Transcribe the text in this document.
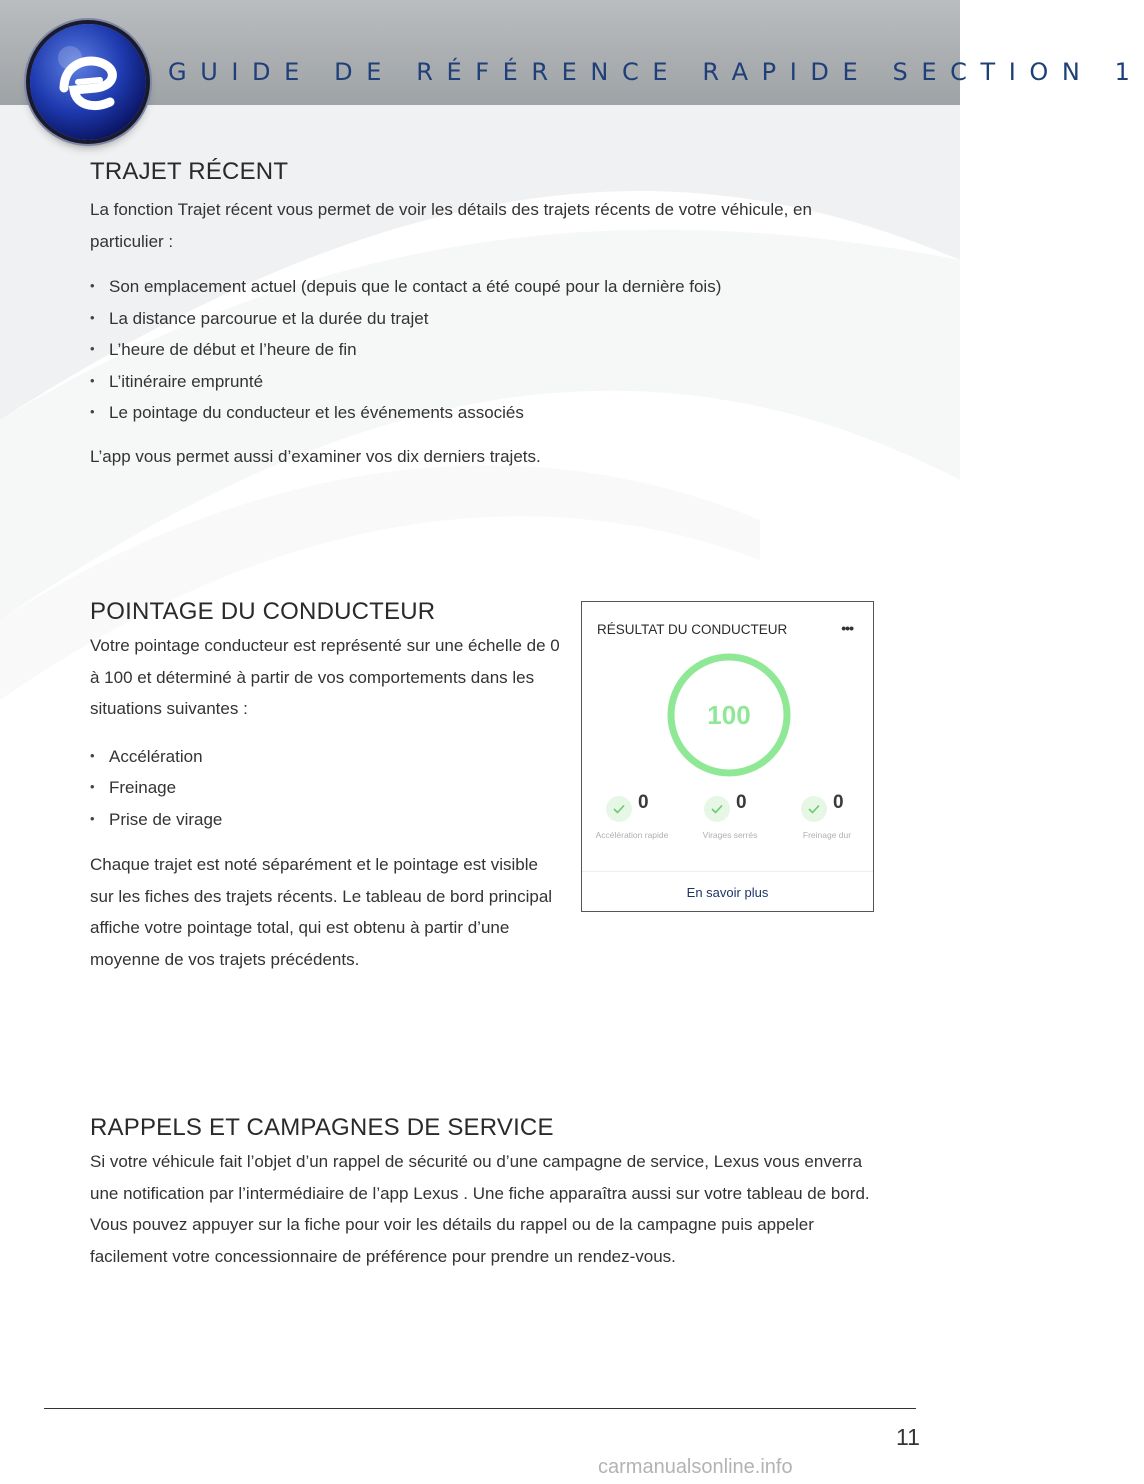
GUIDE DE RÉFÉRENCE RAPIDE SECTION 1
TRAJET RÉCENT

La fonction Trajet récent vous permet de voir les détails des trajets récents de votre véhicule, en particulier :

• Son emplacement actuel (depuis que le contact a été coupé pour la dernière fois)
• La distance parcourue et la durée du trajet
• L’heure de début et l’heure de fin
• L’itinéraire emprunté
• Le pointage du conducteur et les événements associés

L’app vous permet aussi d’examiner vos dix derniers trajets.

POINTAGE DU CONDUCTEUR

Votre pointage conducteur est représenté sur une échelle de 0 à 100 et déterminé à partir de vos comportements dans les situations suivantes :

• Accélération
• Freinage
• Prise de virage

Chaque trajet est noté séparément et le pointage est visible sur les fiches des trajets récents. Le tableau de bord principal affiche votre pointage total, qui est obtenu à partir d’une moyenne de vos trajets précédents.

RÉSULTAT DU CONDUCTEUR	•••
100
0
Accélération rapide
0
Virages serrés
0
Freinage dur
En savoir plus
RAPPELS ET CAMPAGNES DE SERVICE

Si votre véhicule fait l’objet d’un rappel de sécurité ou d’une campagne de service, Lexus vous enverra une notification par l’intermédiaire de l’app Lexus . Une fiche apparaîtra aussi sur votre tableau de bord. Vous pouvez appuyer sur la fiche pour voir les détails du rappel ou de la campagne puis appeler facilement votre concessionnaire de préférence pour prendre un rendez-vous.

11
carmanualsonline.info
